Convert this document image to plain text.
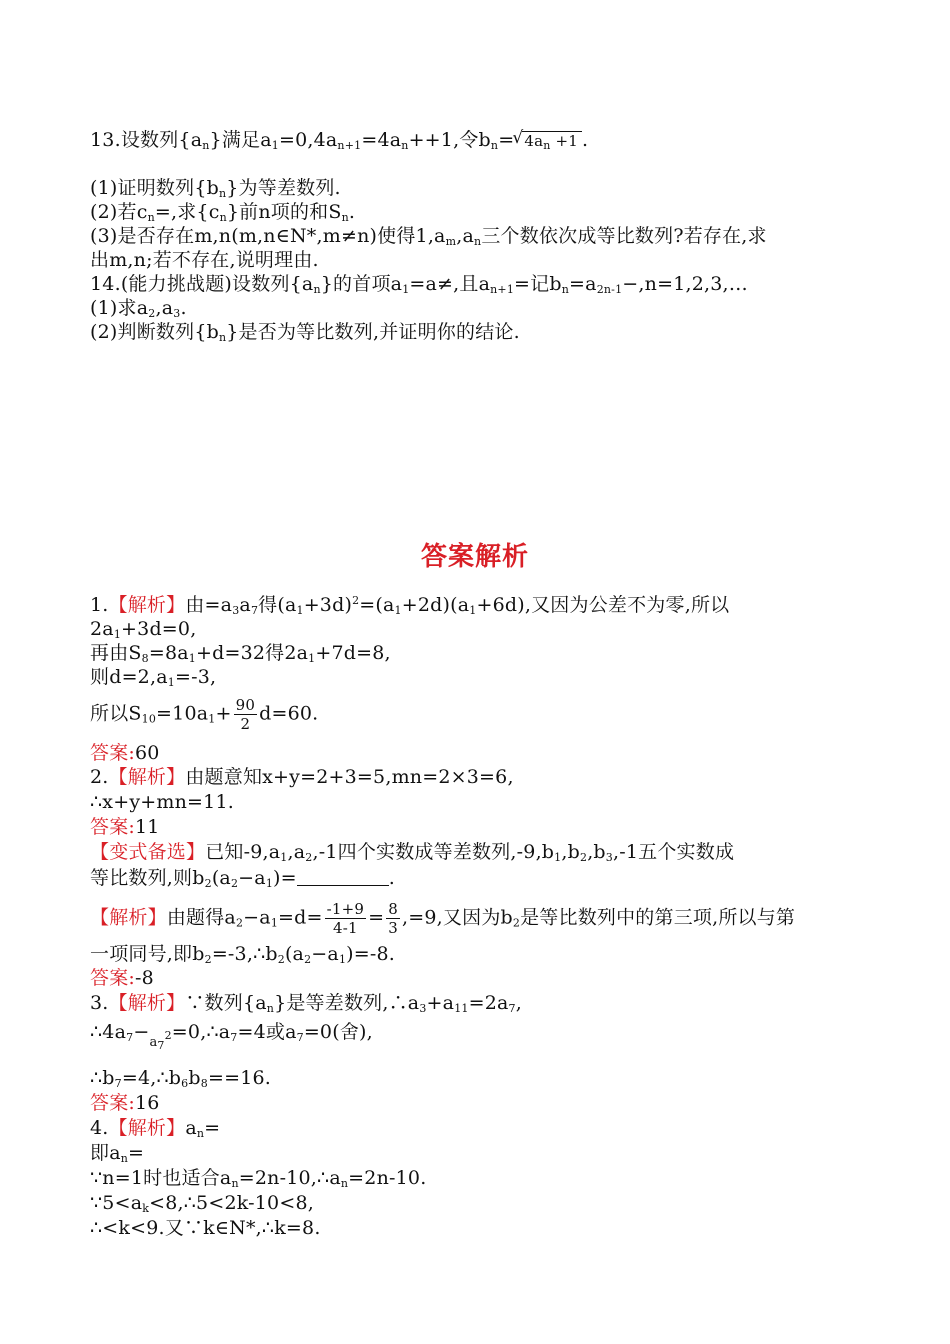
13.设数列$\{a_n\}$满足$a_1=0,4a_{n+1}=4a_n++1$,令$b_n=√$ $4a_n +1$ .
(1)证明数列$\{b_n\}$为等差数列.
(2)若$c_n=$,求$\{c_n\}$前n项的和$S_n$.
(3)是否存在m,n(m,n∈N*,m≠n)使得$1,a_m,a_n$三个数依次成等比数列?若存在,求
出m,n;若不存在,说明理由.
14.(能力挑战题)设数列$\{a_n\}$的首项$a_1=a\ne$,且$a_{n+1}=$记$b_n=a_{2n-1}-,n=1,2,3,\dots$
(1)求$a_2,a_3$.
(2)判断数列$\{b_n\}$是否为等比数列,并证明你的结论.
答案解析
1.【解析】由$=a_3a_7$得$(a_1+3d)^2=(a_1+2d)(a_1+6d)$,又因为公差不为零,所以
$2a_1+3d=0$,
再由$S_8=8a_1+d=32$得$2a_1+7d=8$,
则$d=2,a_1=-3$,
所以$S_{10}=10a_1+ \frac{90}{2} d=60$.
答案:60
2.【解析】由题意知x+y=2+3=5,mn=2×3=6,
∴x+y+mn=11.
答案:11
【变式备选】已知$-9,a_1,a_2,-1$四个实数成等差数列$,-9,b_1,b_2,b_3,-1$五个实数成
等比数列,则$b_2(a_2-a_1)=$	.
【解析】由题得$a_2-a_1=d= \frac{-1+9}{4-1} = \frac{8}{3} ,=9$,又因为$b_2$是等比数列中的第三项,所以与第
一项同号,即$b_2=-3,\therefore b_2(a_2-a_1)=-8$.
答案:-8
3.【解析】∵数列$\{a_n\}$是等差数列$,\therefore a_3+a_{11}=2a_7$,
$\therefore 4a_7-_{a_7^2}=0,\therefore a_7=4$或$a_7=0$(舍),
$\therefore b_7=4,\therefore b_6b_8==16$.
答案:16
4.【解析】$a_n=$
即$a_n=$
∵n=1时也适合$a_n=2n-10,\therefore a_n=2n-10$.
$\because 5<a_k<8,\therefore 5<2k-10<8$,
∴<k<9.又∵k∈N*,∴k=8.
